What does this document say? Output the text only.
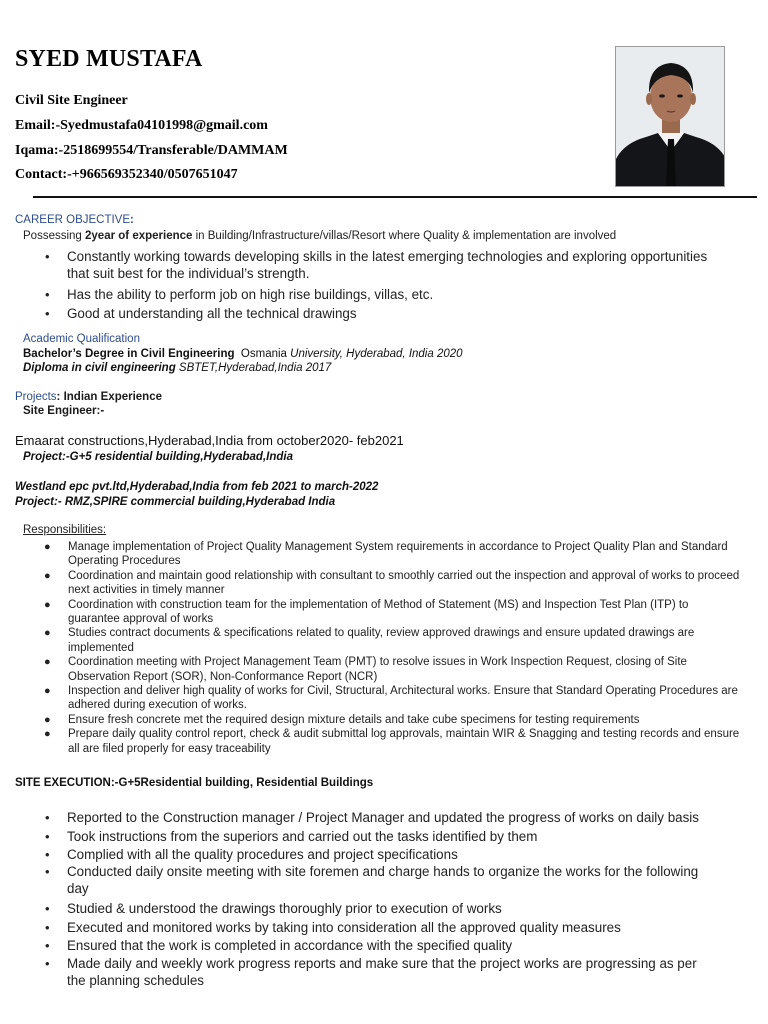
SYED MUSTAFA
Civil Site Engineer
Email:-Syedmustafa04101998@gmail.com
Iqama:-2518699554/Transferable/DAMMAM
Contact:-+966569352340/0507651047
CAREER OBJECTIVE:
Possessing 2year of experience in Building/Infrastructure/villas/Resort where Quality & implementation are involved
• Constantly working towards developing skills in the latest emerging technologies and exploring opportunities that suit best for the individual’s strength.
• Has the ability to perform job on high rise buildings, villas, etc.
• Good at understanding all the technical drawings
Academic Qualification
Bachelor’s Degree in Civil Engineering  Osmania University, Hyderabad, India 2020
Diploma in civil engineering SBTET,Hyderabad,India 2017
Projects: Indian Experience
Site Engineer:-
Emaarat constructions,Hyderabad,India from october2020- feb2021
Project:-G+5 residential building,Hyderabad,India
Westland epc pvt.ltd,Hyderabad,India from feb 2021 to march-2022
Project:- RMZ,SPIRE commercial building,Hyderabad India
Responsibilities:
● Manage implementation of Project Quality Management System requirements in accordance to Project Quality Plan and Standard Operating Procedures
● Coordination and maintain good relationship with consultant to smoothly carried out the inspection and approval of works to proceed next activities in timely manner
● Coordination with construction team for the implementation of Method of Statement (MS) and Inspection Test Plan (ITP) to guarantee approval of works
● Studies contract documents & specifications related to quality, review approved drawings and ensure updated drawings are implemented
● Coordination meeting with Project Management Team (PMT) to resolve issues in Work Inspection Request, closing of Site Observation Report (SOR), Non-Conformance Report (NCR)
● Inspection and deliver high quality of works for Civil, Structural, Architectural works. Ensure that Standard Operating Procedures are adhered during execution of works.
● Ensure fresh concrete met the required design mixture details and take cube specimens for testing requirements
● Prepare daily quality control report, check & audit submittal log approvals, maintain WIR & Snagging and testing records and ensure all are filed properly for easy traceability
SITE EXECUTION:-G+5Residential building, Residential Buildings
• Reported to the Construction manager / Project Manager and updated the progress of works on daily basis
• Took instructions from the superiors and carried out the tasks identified by them
• Complied with all the quality procedures and project specifications
• Conducted daily onsite meeting with site foremen and charge hands to organize the works for the following day
• Studied & understood the drawings thoroughly prior to execution of works
• Executed and monitored works by taking into consideration all the approved quality measures
• Ensured that the work is completed in accordance with the specified quality
• Made daily and weekly work progress reports and make sure that the project works are progressing as per the planning schedules
